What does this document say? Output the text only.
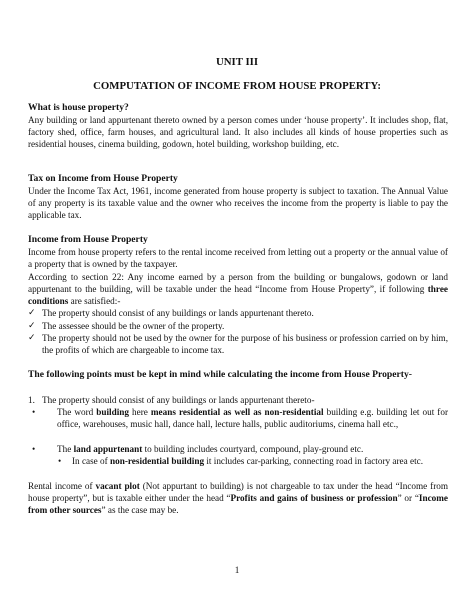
UNIT III
COMPUTATION OF INCOME FROM HOUSE PROPERTY:
What is house property?
Any building or land appurtenant thereto owned by a person comes under ‘house property’. It includes shop, flat, factory shed, office, farm houses, and agricultural land. It also includes all kinds of house properties such as residential houses, cinema building, godown, hotel building, workshop building, etc.
Tax on Income from House Property
Under the Income Tax Act, 1961, income generated from house property is subject to taxation. The Annual Value of any property is its taxable value and the owner who receives the income from the property is liable to pay the applicable tax.
Income from House Property
Income from house property refers to the rental income received from letting out a property or the annual value of a property that is owned by the taxpayer.
According to section 22: Any income earned by a person from the building or bungalows, godown or land appurtenant to the building, will be taxable under the head “Income from House Property”, if following three conditions are satisfied:-
✓ The property should consist of any buildings or lands appurtenant thereto.
✓ The assessee should be the owner of the property.
✓ The property should not be used by the owner for the purpose of his business or profession carried on by him, the profits of which are chargeable to income tax.
The following points must be kept in mind while calculating the income from House Property-
1. The property should consist of any buildings or lands appurtenant thereto-
•	The word building here means residential as well as non-residential building e.g. building let out for office, warehouses, music hall, dance hall, lecture halls, public auditoriums, cinema hall etc.,
•	The land appurtenant to building includes courtyard, compound, play-ground etc.
•	In case of non-residential building it includes car-parking, connecting road in factory area etc.
Rental income of vacant plot (Not appurtant to building) is not chargeable to tax under the head “Income from house property”, but is taxable either under the head “Profits and gains of business or profession” or “Income from other sources” as the case may be.
1
